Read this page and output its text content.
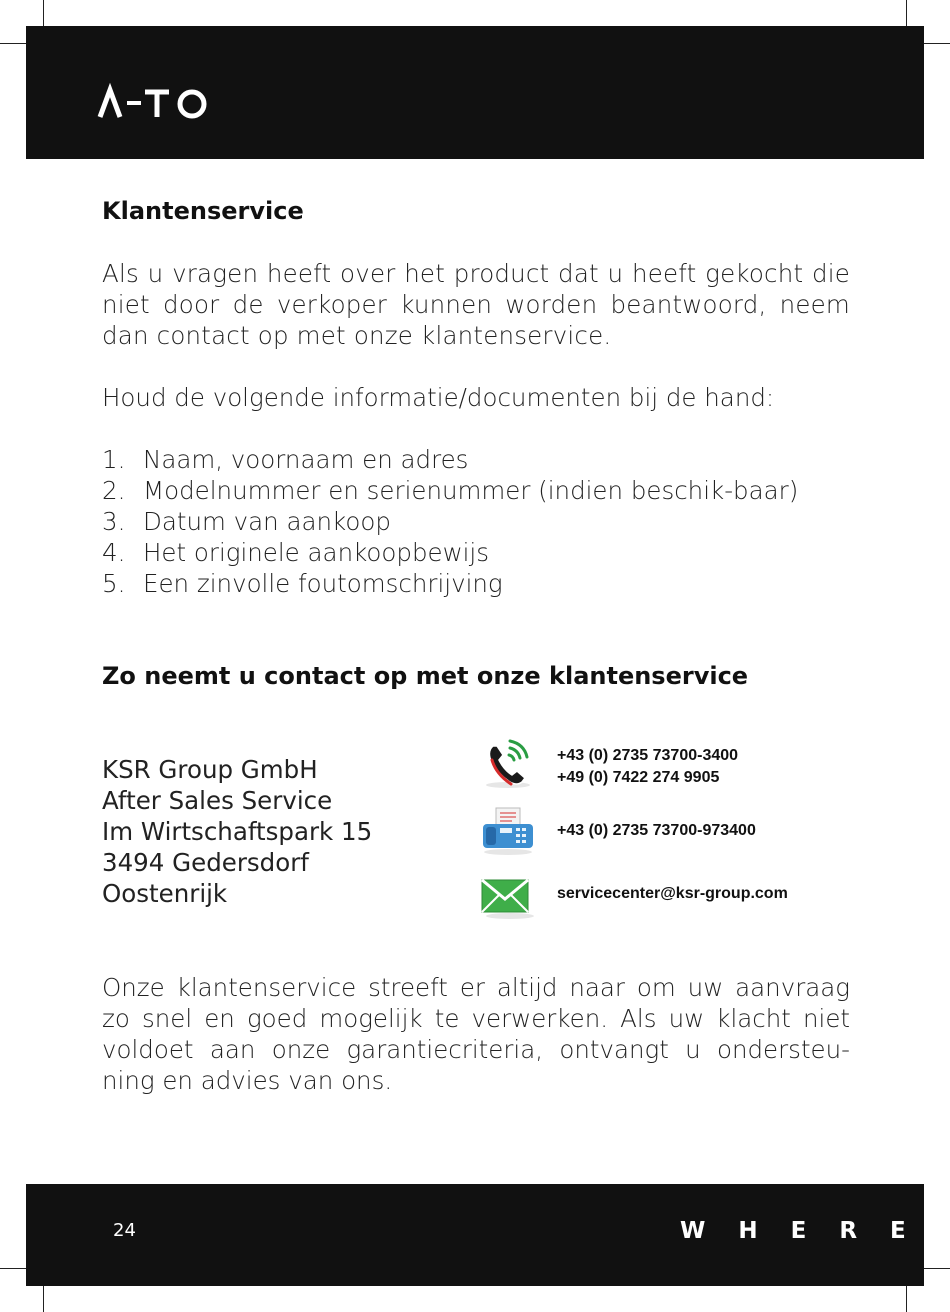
Klantenservice

Als u vragen heeft over het product dat u heeft gekocht die niet door de verkoper kunnen worden beantwoord, neem dan contact op met onze klantenservice.

Houd de volgende informatie/documenten bij de hand:

1. Naam, voornaam en adres
2. Modelnummer en serienummer (indien beschik-baar)
3. Datum van aankoop
4. Het originele aankoopbewijs
5. Een zinvolle foutomschrijving
Zo neemt u contact op met onze klantenservice
KSR Group GmbH
After Sales Service
Im Wirtschaftspark 15
3494 Gedersdorf
Oostenrijk
+43 (0) 2735 73700-3400
+49 (0) 7422 274 9905
+43 (0) 2735 73700-973400
servicecenter@ksr-group.com

Onze klantenservice streeft er altijd naar om uw aanvraag zo snel en goed mogelijk te verwerken. Als uw klacht niet voldoet aan onze garantiecriteria, ontvangt u ondersteu-ning en advies van ons.

24	WHERE
